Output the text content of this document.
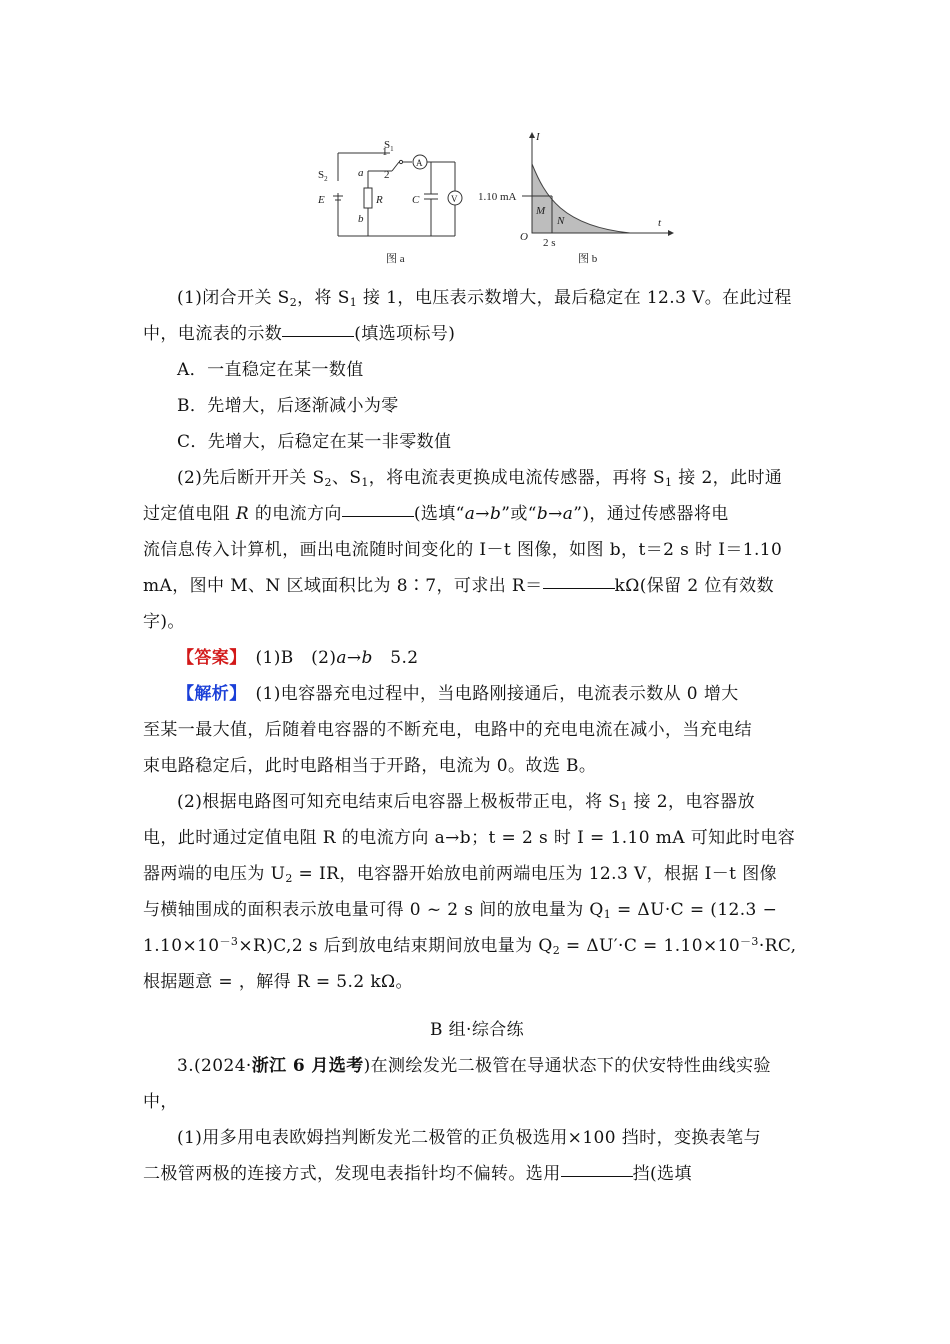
$S_1$
1
2
$S_2$	a
b
R
E	C
A
V
图 a
I
t
O
1.10 mA
2 s
M
N
图 b
(1)闭合开关 $S_2$，将 $S_1$ 接 1，电压表示数增大，最后稳定在 12.3 V。在此过程
中，电流表的示数	(填选项标号)
A．一直稳定在某一数值
B．先增大，后逐渐减小为零
C．先增大，后稳定在某一非零数值
(2)先后断开开关 $S_2$、$S_1$，将电流表更换成电流传感器，再将 $S_1$ 接 2，此时通
过定值电阻 R 的电流方向	(选填“a→b”或“b→a”)，通过传感器将电
流信息传入计算机，画出电流随时间变化的 I－t 图像，如图 b，t＝2 s 时 I＝1.10
mA，图中 M、N 区域面积比为 8∶7，可求出 R＝	kΩ(保留 2 位有效数
字)。
【答案】　 (1)B　(2)a→b　5.2
【解析】　 (1)电容器充电过程中，当电路刚接通后，电流表示数从 0 增大
至某一最大值，后随着电容器的不断充电，电路中的充电电流在减小，当充电结
束电路稳定后，此时电路相当于开路，电流为 0。故选 B。
(2)根据电路图可知充电结束后电容器上极板带正电，将 $S_1$ 接 2，电容器放
电，此时通过定值电阻 R 的电流方向 a→b；t = 2 s 时 I = 1.10 mA 可知此时电容
器两端的电压为 $U_2$ = IR，电容器开始放电前两端电压为 12.3 V，根据 I－t 图像
与横轴围成的面积表示放电量可得 0 ~ 2 s 间的放电量为 $Q_1 = \Delta U\cdot C = (12.3$ −
$1.10\times 10^{-3}\times R)C,2$ s 后到放电结束期间放电量为 $Q_2 = \Delta U'\cdot C = 1.10\times 10^{-3}\cdot RC$,
根据题意 = ，解得 R = 5.2 kΩ。
B 组·综合练
3.(2024·浙江 6 月选考)在测绘发光二极管在导通状态下的伏安特性曲线实验
中，
(1)用多用电表欧姆挡判断发光二极管的正负极选用×100 挡时，变换表笔与
二极管两极的连接方式，发现电表指针均不偏转。选用	挡(选填
